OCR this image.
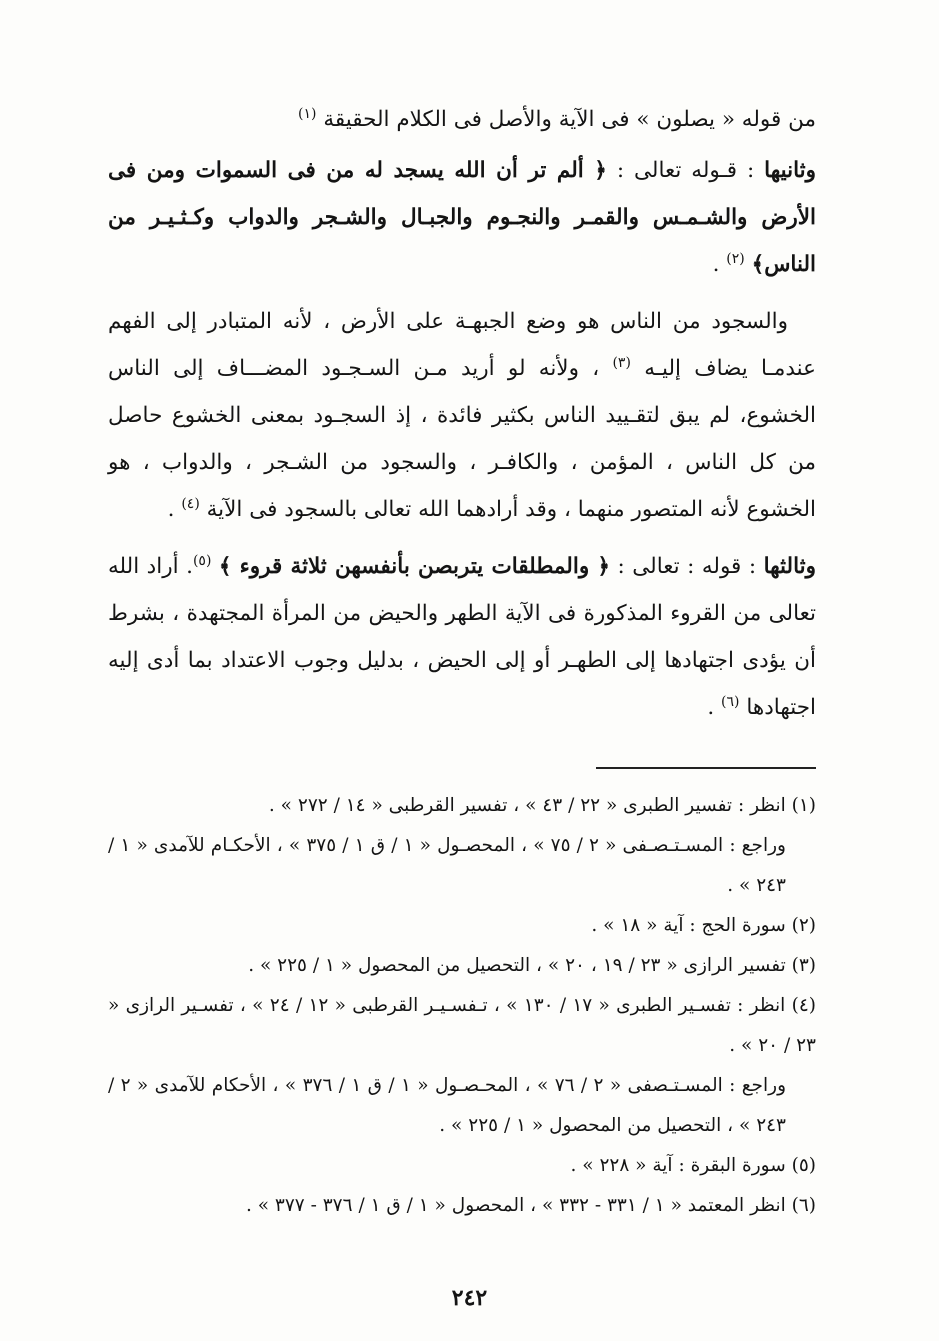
من قوله « يصلون » فى الآية والأصل فى الكلام الحقيقة $^{(١)}$

وثانيها : قـوله تعالى : ﴿ ألم تر أن الله يسجد له من فى السموات ومن فى الأرض والشـمـس والقمـر والنجـوم والجبـال والشـجر والدواب وكـثـيـر من الناس﴾ $^{(٢)}$ .

والسجود من الناس هو وضع الجبهـة على الأرض ، لأنه المتبادر إلى الفهم عندمـا يضاف إليـه $^{(٣)}$ ، ولأنه لو أريد مـن السـجـود المضـــاف إلى الناس الخشوع، لم يبق لتقـييد الناس بكثير فائدة ، إذ السجـود بمعنى الخشوع حاصل من كل الناس ، المؤمن ، والكافـر ، والسجود من الشـجر ، والدواب ، هو الخشوع لأنه المتصور منهما ، وقد أرادهما الله تعالى بالسجود فى الآية $^{(٤)}$ .

وثالثها : قوله : تعالى : ﴿ والمطلقات يتربصن بأنفسهن ثلاثة قروء ﴾ $^{(٥)}$. أراد الله تعالى من القروء المذكورة فى الآية الطهر والحيض من المرأة المجتهدة ، بشرط أن يؤدى اجتهادها إلى الطهـر أو إلى الحيض ، بدليل وجوب الاعتداد بما أدى إليه اجتهادها $^{(٦)}$ .

(١) انظر : تفسير الطبرى « ٢٢ / ٤٣ » ، تفسير القرطبى « ١٤ / ٢٧٢ » .

وراجع : المسـتـصـفى « ٢ / ٧٥ » ، المحصـول « ١ / ق ١ / ٣٧٥ » ، الأحكـام للآمدى « ١ / ٢٤٣ » .

(٢) سورة الحج : آية « ١٨ » .

(٣) تفسير الرازى « ٢٣ / ١٩ ، ٢٠ » ، التحصيل من المحصول « ١ / ٢٢٥ » .

(٤) انظر : تفسـير الطبرى « ١٧ / ١٣٠ » ، تـفسـيـر القرطبى « ١٢ / ٢٤ » ، تفسـير الرازى « ٢٣ / ٢٠ » .

وراجع : المسـتـصفى « ٢ / ٧٦ » ، المحـصـول « ١ / ق ١ / ٣٧٦ » ، الأحكام للآمدى « ٢ / ٢٤٣ » ، التحصيل من المحصول « ١ / ٢٢٥ » .

(٥) سورة البقرة : آية « ٢٢٨ » .

(٦) انظر المعتمد « ١ / ٣٣١ - ٣٣٢ » ، المحصول « ١ / ق ١ / ٣٧٦ - ٣٧٧ » .

٢٤٢
